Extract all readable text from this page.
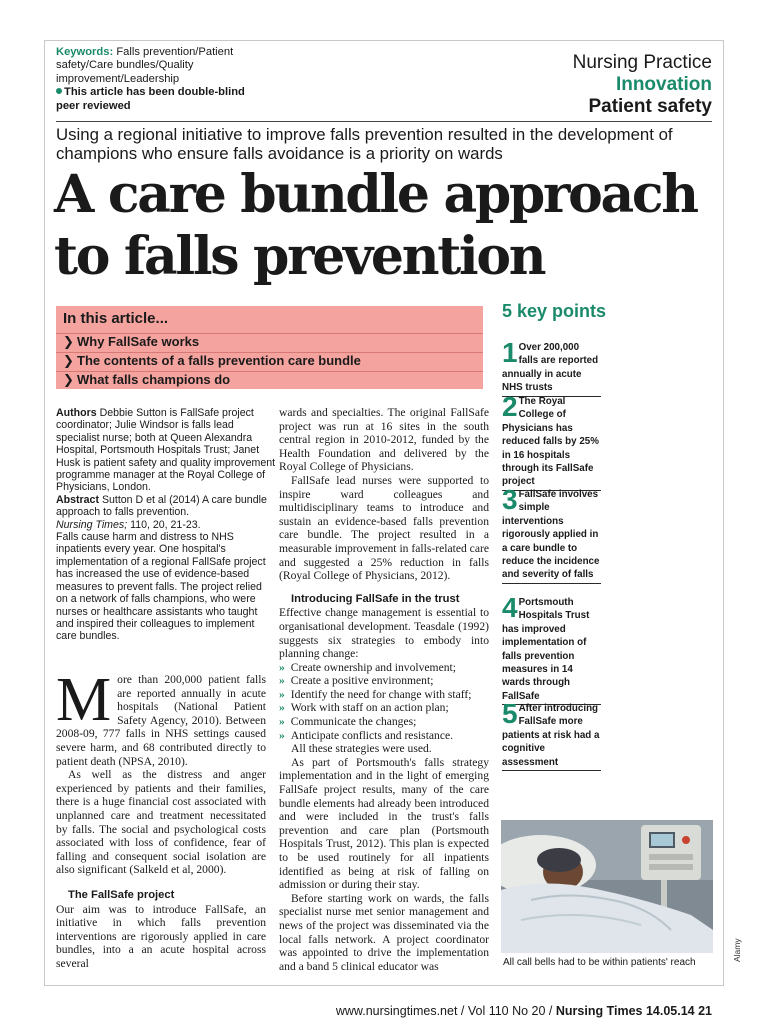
Keywords: Falls prevention/Patient safety/Care bundles/Quality improvement/Leadership
This article has been double-blind peer reviewed
Nursing Practice
Innovation
Patient safety
Using a regional initiative to improve falls prevention resulted in the development of champions who ensure falls avoidance is a priority on wards
A care bundle approach
to falls prevention
In this article...
❯ Why FallSafe works
❯ The contents of a falls prevention care bundle
❯ What falls champions do
5 key points
1 Over 200,000 falls are reported annually in acute NHS trusts
2 The Royal College of Physicians has reduced falls by 25% in 16 hospitals through its FallSafe project
3 FallSafe involves simple interventions rigorously applied in a care bundle to reduce the incidence and severity of falls
4 Portsmouth Hospitals Trust has improved implementation of falls prevention measures in 14 wards through FallSafe
5 After introducing FallSafe more patients at risk had a cognitive assessment
All call bells had to be within patients' reach
Alamy
Authors Debbie Sutton is FallSafe project coordinator; Julie Windsor is falls lead specialist nurse; both at Queen Alexandra Hospital, Portsmouth Hospitals Trust; Janet Husk is patient safety and quality improvement programme manager at the Royal College of Physicians, London.
Abstract Sutton D et al (2014) A care bundle approach to falls prevention.
Nursing Times; 110, 20, 21-23.
Falls cause harm and distress to NHS inpatients every year. One hospital's implementation of a regional FallSafe project has increased the use of evidence-based measures to prevent falls. The project relied on a network of falls champions, who were nurses or healthcare assistants who taught and inspired their colleagues to implement care bundles.

More than 200,000 patient falls are reported annually in acute hospitals (National Patient Safety Agency, 2010). Between 2008-09, 777 falls in NHS settings caused severe harm, and 68 contributed directly to patient death (NPSA, 2010).

As well as the distress and anger experienced by patients and their families, there is a huge financial cost associated with unplanned care and treatment necessitated by falls. The social and psychological costs associated with loss of confidence, fear of falling and consequent social isolation are also significant (Salkeld et al, 2000).

The FallSafe project

Our aim was to introduce FallSafe, an initiative in which falls prevention interventions are rigorously applied in care bundles, into a an acute hospital across several

wards and specialties. The original FallSafe project was run at 16 sites in the south central region in 2010-2012, funded by the Health Foundation and delivered by the Royal College of Physicians.

FallSafe lead nurses were supported to inspire ward colleagues and multidisciplinary teams to introduce and sustain an evidence-based falls prevention care bundle. The project resulted in a measurable improvement in falls-related care and suggested a 25% reduction in falls (Royal College of Physicians, 2012).

Introducing FallSafe in the trust

Effective change management is essential to organisational development. Teasdale (1992) suggests six strategies to embody into planning change:

» Create ownership and involvement;
» Create a positive environment;
» Identify the need for change with staff;
» Work with staff on an action plan;
» Communicate the changes;
» Anticipate conflicts and resistance.

All these strategies were used.

As part of Portsmouth's falls strategy implementation and in the light of emerging FallSafe project results, many of the care bundle elements had already been introduced and were included in the trust's falls prevention and care plan (Portsmouth Hospitals Trust, 2012). This plan is expected to be used routinely for all inpatients identified as being at risk of falling on admission or during their stay.

Before starting work on wards, the falls specialist nurse met senior management and news of the project was disseminated via the local falls network. A project coordinator was appointed to drive the implementation and a band 5 clinical educator was

www.nursingtimes.net / Vol 110 No 20 / Nursing Times 14.05.14 21
